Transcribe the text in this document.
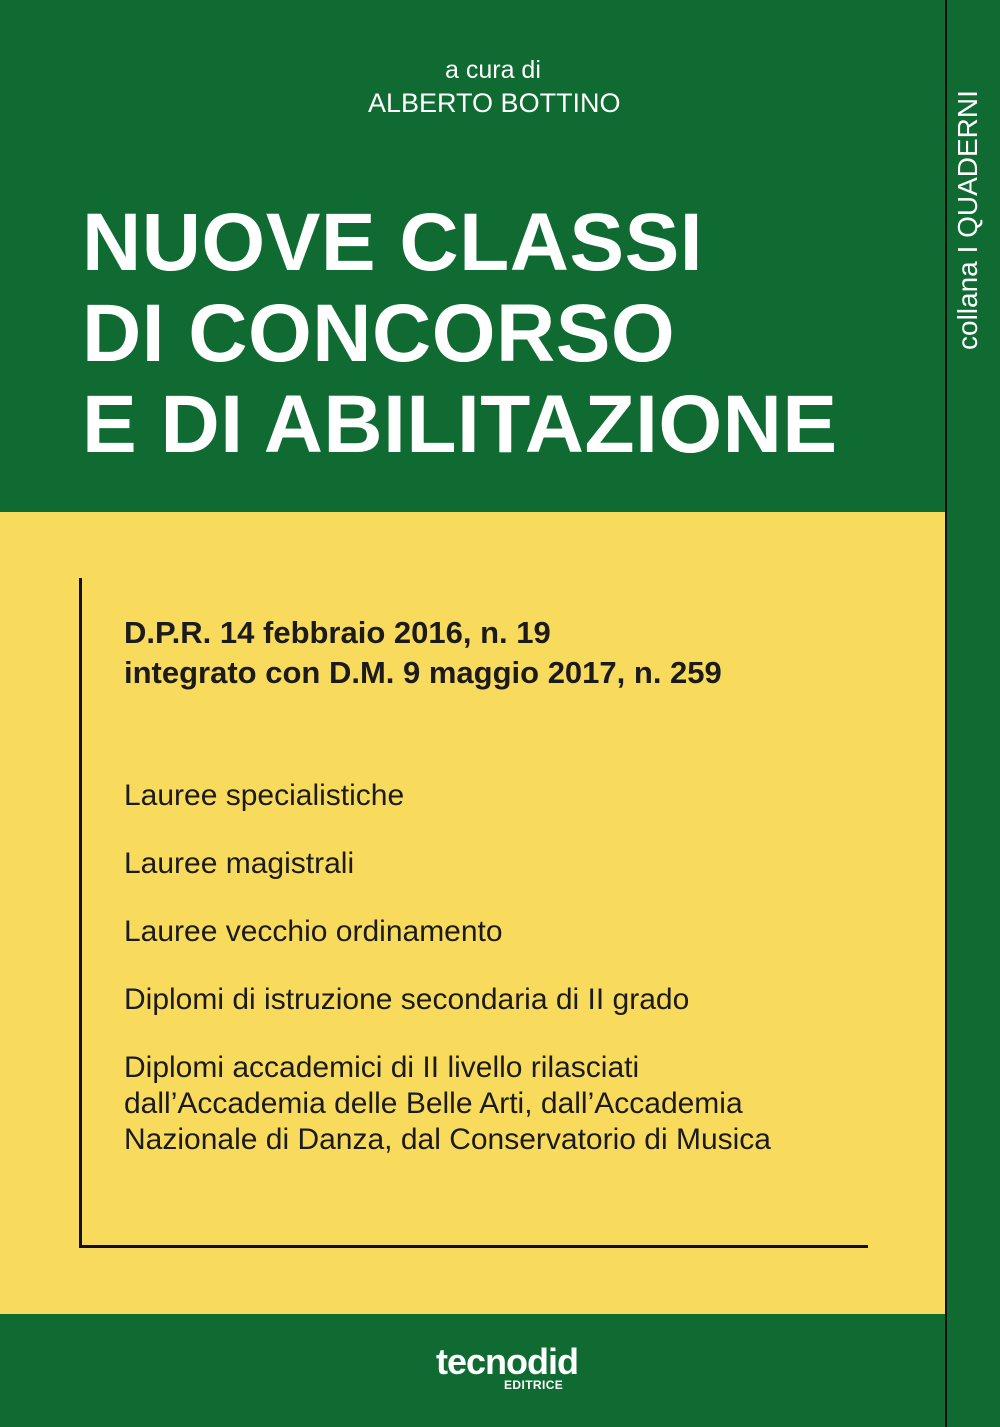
a cura di
ALBERTO BOTTINO
NUOVE CLASSI
DI CONCORSO
E DI ABILITAZIONE
collana I QUADERNI
D.P.R. 14 febbraio 2016, n. 19
integrato con D.M. 9 maggio 2017, n. 259
Lauree specialistiche
Lauree magistrali
Lauree vecchio ordinamento
Diplomi di istruzione secondaria di II grado
Diplomi accademici di II livello rilasciati
dall’Accademia delle Belle Arti, dall’Accademia
Nazionale di Danza, dal Conservatorio di Musica
tecnodid
EDITRICE
